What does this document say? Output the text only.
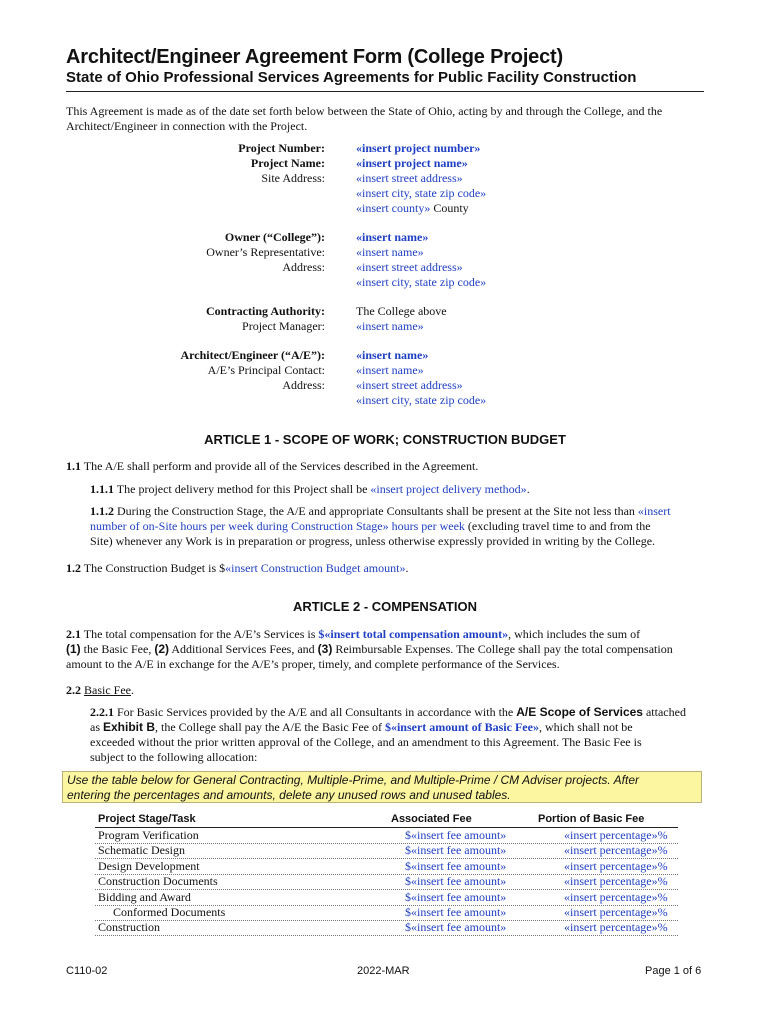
Architect/Engineer Agreement Form (College Project)
State of Ohio Professional Services Agreements for Public Facility Construction
This Agreement is made as of the date set forth below between the State of Ohio, acting by and through the College, and the
Architect/Engineer in connection with the Project.
Project Number:	«insert project number»
Project Name:	«insert project name»
Site Address:	«insert street address»
«insert city, state zip code»
«insert county» County
Owner (“College”):	«insert name»
Owner’s Representative:	«insert name»
Address:	«insert street address»
«insert city, state zip code»
Contracting Authority:	The College above
Project Manager:	«insert name»
Architect/Engineer (“A/E”):	«insert name»
A/E’s Principal Contact:	«insert name»
Address:	«insert street address»
«insert city, state zip code»
ARTICLE 1 - SCOPE OF WORK; CONSTRUCTION BUDGET
1.1 The A/E shall perform and provide all of the Services described in the Agreement.
1.1.1 The project delivery method for this Project shall be «insert project delivery method».
1.1.2 During the Construction Stage, the A/E and appropriate Consultants shall be present at the Site not less than «insert
number of on-Site hours per week during Construction Stage» hours per week (excluding travel time to and from the
Site) whenever any Work is in preparation or progress, unless otherwise expressly provided in writing by the College.
1.2 The Construction Budget is $«insert Construction Budget amount».
ARTICLE 2 - COMPENSATION
2.1 The total compensation for the A/E’s Services is $«insert total compensation amount», which includes the sum of
(1) the Basic Fee, (2) Additional Services Fees, and (3) Reimbursable Expenses. The College shall pay the total compensation
amount to the A/E in exchange for the A/E’s proper, timely, and complete performance of the Services.
2.2 Basic Fee.
2.2.1 For Basic Services provided by the A/E and all Consultants in accordance with the A/E Scope of Services attached
as Exhibit B, the College shall pay the A/E the Basic Fee of $«insert amount of Basic Fee», which shall not be
exceeded without the prior written approval of the College, and an amendment to this Agreement. The Basic Fee is
subject to the following allocation:
Use the table below for General Contracting, Multiple-Prime, and Multiple-Prime / CM Adviser projects. After
entering the percentages and amounts, delete any unused rows and unused tables.
Project Stage/Task	Associated Fee	Portion of Basic Fee
Program Verification	$«insert fee amount»	«insert percentage»%
Schematic Design	$«insert fee amount»	«insert percentage»%
Design Development	$«insert fee amount»	«insert percentage»%
Construction Documents	$«insert fee amount»	«insert percentage»%
Bidding and Award	$«insert fee amount»	«insert percentage»%
Conformed Documents	$«insert fee amount»	«insert percentage»%
Construction	$«insert fee amount»	«insert percentage»%
C110-02	2022-MAR	Page 1 of 6
